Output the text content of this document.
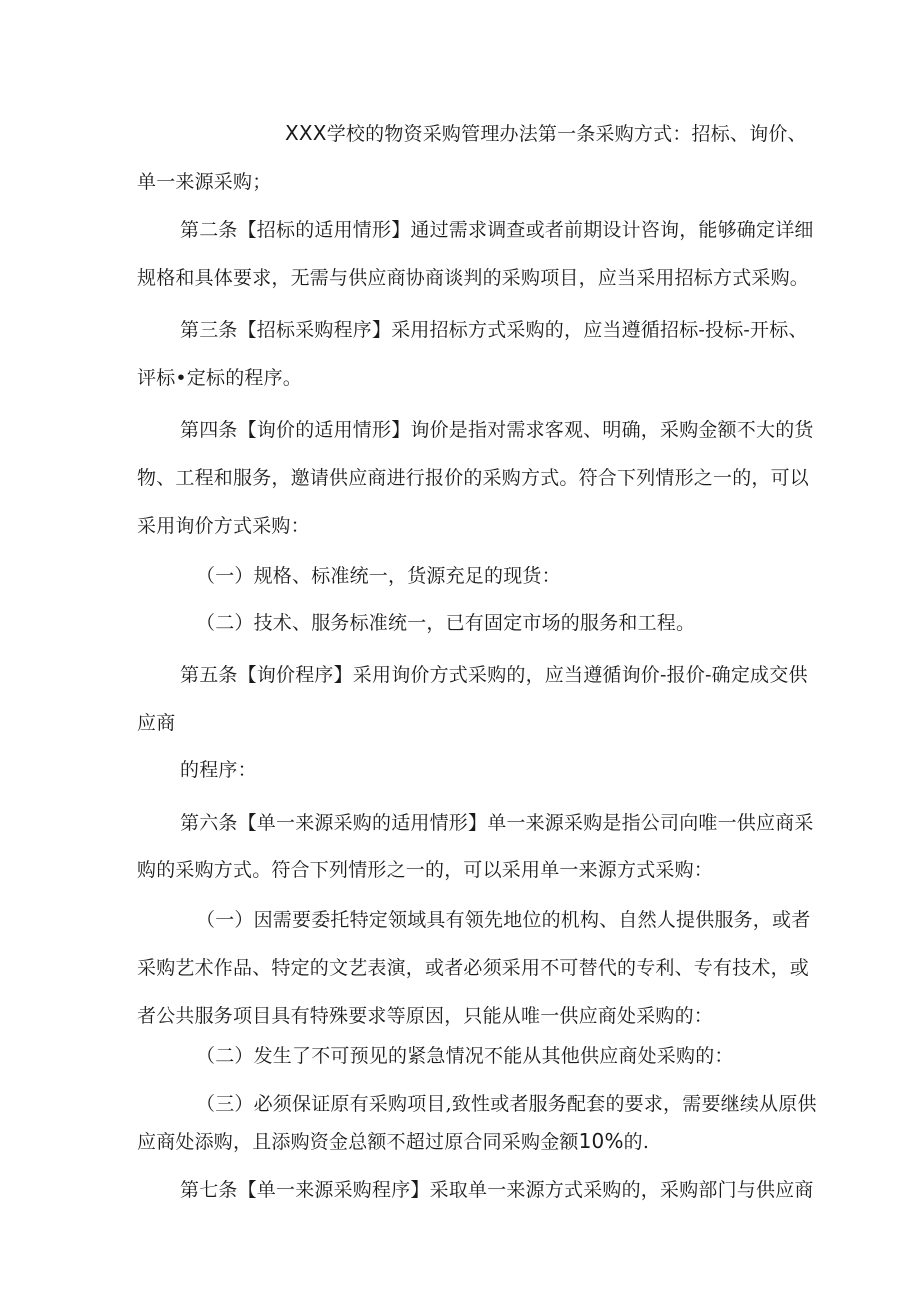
XXX学校的物资采购管理办法第一条采购方式：招标、询价、
单一来源采购；
第二条【招标的适用情形】通过需求调查或者前期设计咨询，能够确定详细
规格和具体要求，无需与供应商协商谈判的采购项目，应当采用招标方式采购。
第三条【招标采购程序】采用招标方式采购的，应当遵循招标-投标-开标、
评标•定标的程序。
第四条【询价的适用情形】询价是指对需求客观、明确，采购金额不大的货
物、工程和服务，邀请供应商进行报价的采购方式。符合下列情形之一的，可以
采用询价方式采购：
（一）规格、标准统一，货源充足的现货：
（二）技术、服务标准统一，已有固定市场的服务和工程。
第五条【询价程序】采用询价方式采购的，应当遵循询价-报价-确定成交供
应商
的程序：
第六条【单一来源采购的适用情形】单一来源采购是指公司向唯一供应商采
购的采购方式。符合下列情形之一的，可以采用单一来源方式采购：
（一）因需要委托特定领域具有领先地位的机构、自然人提供服务，或者
采购艺术作品、特定的文艺表演，或者必须采用不可替代的专利、专有技术，或
者公共服务项目具有特殊要求等原因，只能从唯一供应商处采购的：
（二）发生了不可预见的紧急情况不能从其他供应商处采购的：
（三）必须保证原有采购项目,致性或者服务配套的要求，需要继续从原供
应商处添购，且添购资金总额不超过原合同采购金额10%的.
第七条【单一来源采购程序】采取单一来源方式采购的，采购部门与供应商
